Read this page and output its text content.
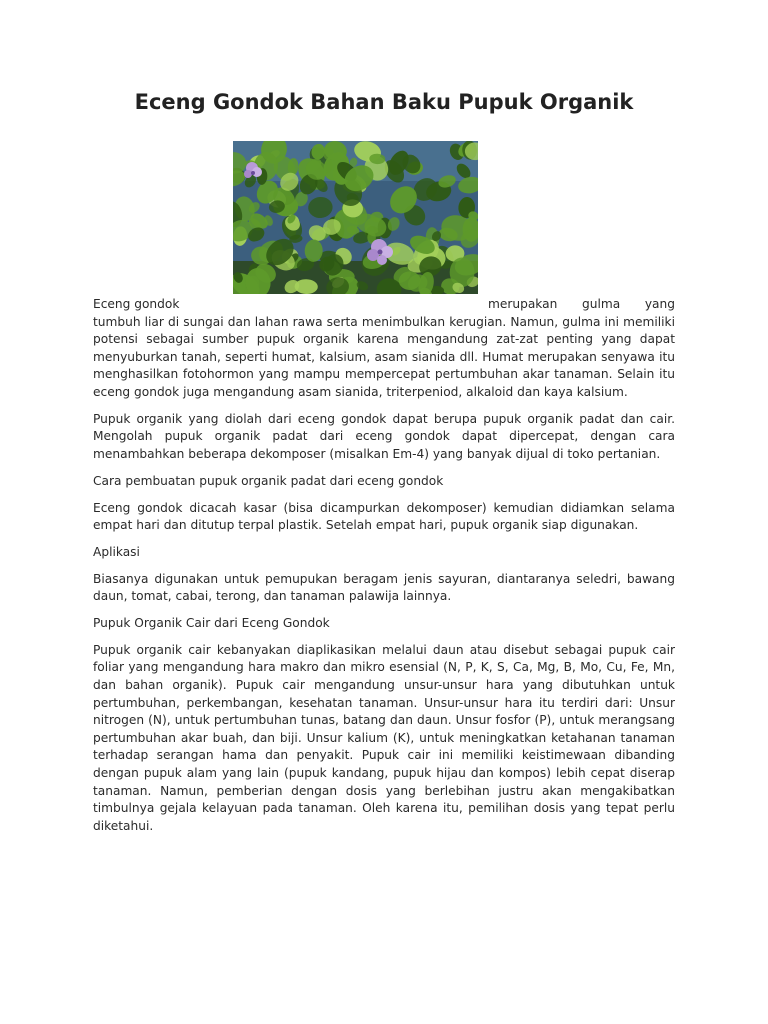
Eceng Gondok Bahan Baku Pupuk Organik

Eceng gondok	merupakan gulma yang
tumbuh liar di sungai dan lahan rawa serta menimbulkan kerugian. Namun, gulma ini memiliki potensi sebagai sumber pupuk organik karena mengandung zat-zat penting yang dapat menyuburkan tanah, seperti humat, kalsium, asam sianida dll. Humat merupakan senyawa itu menghasilkan fotohormon yang mampu mempercepat pertumbuhan akar tanaman. Selain itu eceng gondok juga mengandung asam sianida, triterpeniod, alkaloid dan kaya kalsium.

Pupuk organik yang diolah dari eceng gondok dapat berupa pupuk organik padat dan cair. Mengolah pupuk organik padat dari eceng gondok dapat dipercepat, dengan cara menambahkan beberapa dekomposer (misalkan Em-4) yang banyak dijual di toko pertanian.

Cara pembuatan pupuk organik padat dari eceng gondok

Eceng gondok dicacah kasar (bisa dicampurkan dekomposer) kemudian didiamkan selama empat hari dan ditutup terpal plastik. Setelah empat hari, pupuk organik siap digunakan.

Aplikasi

Biasanya digunakan untuk pemupukan beragam jenis sayuran, diantaranya seledri, bawang daun, tomat, cabai, terong, dan tanaman palawija lainnya.

Pupuk Organik Cair dari Eceng Gondok

Pupuk organik cair kebanyakan diaplikasikan melalui daun atau disebut sebagai pupuk cair foliar yang mengandung hara makro dan mikro esensial (N, P, K, S, Ca, Mg, B, Mo, Cu, Fe, Mn, dan bahan organik). Pupuk cair mengandung unsur-unsur hara yang dibutuhkan untuk pertumbuhan, perkembangan, kesehatan tanaman. Unsur-unsur hara itu terdiri dari: Unsur nitrogen (N), untuk pertumbuhan tunas, batang dan daun. Unsur fosfor (P), untuk merangsang pertumbuhan akar buah, dan biji. Unsur kalium (K), untuk meningkatkan ketahanan tanaman terhadap serangan hama dan penyakit. Pupuk cair ini memiliki keistimewaan dibanding dengan pupuk alam yang lain (pupuk kandang, pupuk hijau dan kompos) lebih cepat diserap tanaman. Namun, pemberian dengan dosis yang berlebihan justru akan mengakibatkan timbulnya gejala kelayuan pada tanaman. Oleh karena itu, pemilihan dosis yang tepat perlu diketahui.
